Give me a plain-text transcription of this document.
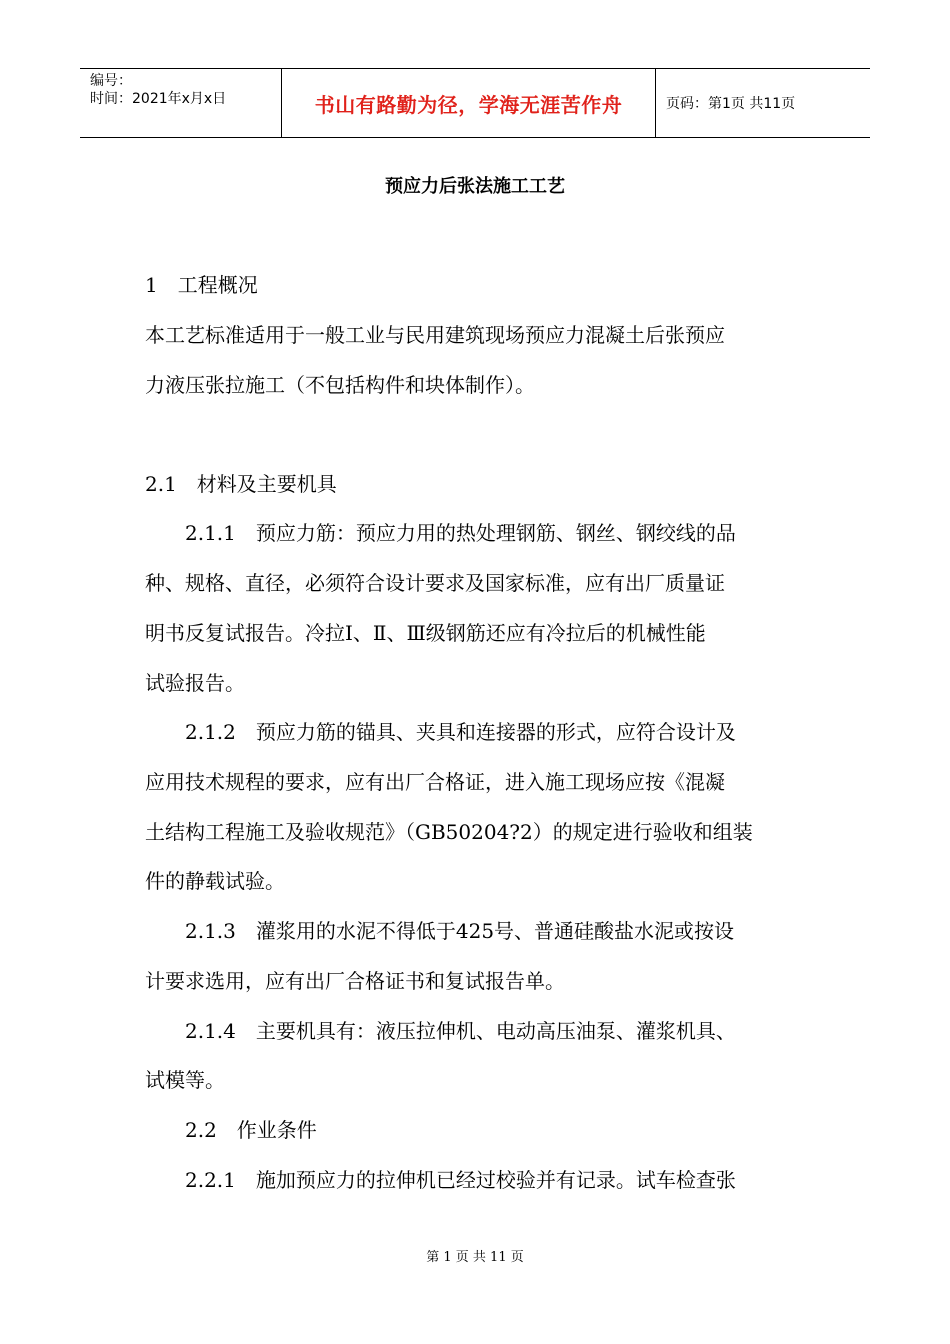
编号：
时间：2021年x月x日	书山有路勤为径，学海无涯苦作舟	页码：第1页 共11页
预应力后张法施工工艺
1　工程概况
本工艺标准适用于一般工业与民用建筑现场预应力混凝土后张预应
力液压张拉施工（不包括构件和块体制作）。
2.1　材料及主要机具
　　2.1.1　预应力筋：预应力用的热处理钢筋、钢丝、钢绞线的品
种、规格、直径，必须符合设计要求及国家标准，应有出厂质量证
明书反复试报告。冷拉Ⅰ、Ⅱ、Ⅲ级钢筋还应有冷拉后的机械性能
试验报告。
　　2.1.2　预应力筋的锚具、夹具和连接器的形式，应符合设计及
应用技术规程的要求，应有出厂合格证，进入施工现场应按《混凝
土结构工程施工及验收规范》（GB50204?2）的规定进行验收和组装
件的静载试验。
　　2.1.3　灌浆用的水泥不得低于425号、普通硅酸盐水泥或按设
计要求选用，应有出厂合格证书和复试报告单。
　　2.1.4　主要机具有：液压拉伸机、电动高压油泵、灌浆机具、
试模等。
　　2.2　作业条件
　　2.2.1　施加预应力的拉伸机已经过校验并有记录。试车检查张
第 1 页 共 11 页
